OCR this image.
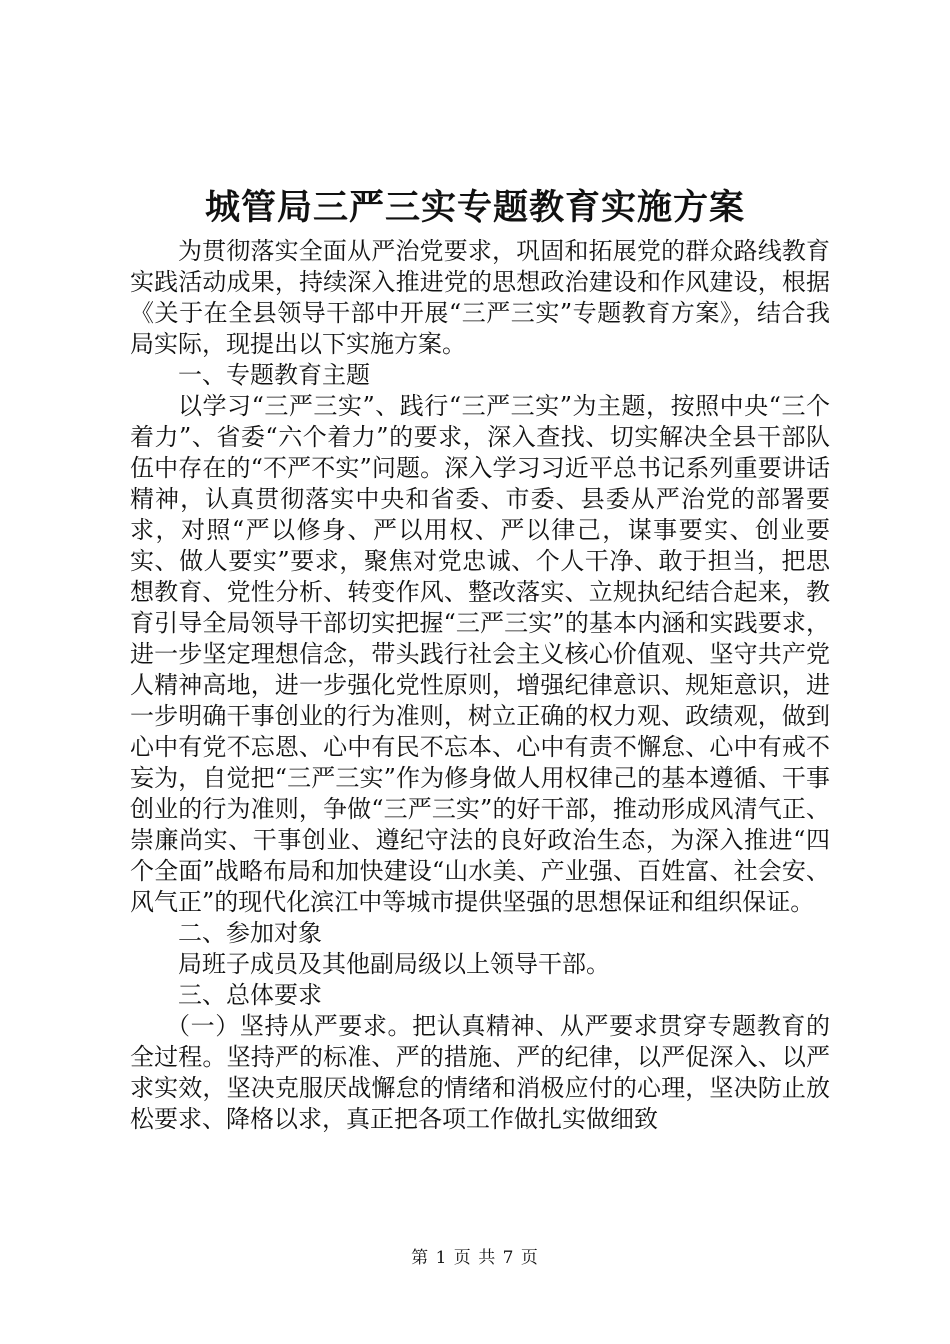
城管局三严三实专题教育实施方案

为贯彻落实全面从严治党要求，巩固和拓展党的群众路线教育实践活动成果，持续深入推进党的思想政治建设和作风建设，根据《关于在全县领导干部中开展“三严三实”专题教育方案》，结合我局实际，现提出以下实施方案。

一、专题教育主题

以学习“三严三实”、践行“三严三实”为主题，按照中央“三个着力”、省委“六个着力”的要求，深入查找、切实解决全县干部队伍中存在的“不严不实”问题。深入学习习近平总书记系列重要讲话精神，认真贯彻落实中央和省委、市委、县委从严治党的部署要求，对照“严以修身、严以用权、严以律己，谋事要实、创业要实、做人要实”要求，聚焦对党忠诚、个人干净、敢于担当，把思想教育、党性分析、转变作风、整改落实、立规执纪结合起来，教育引导全局领导干部切实把握“三严三实”的基本内涵和实践要求，进一步坚定理想信念，带头践行社会主义核心价值观、坚守共产党人精神高地，进一步强化党性原则，增强纪律意识、规矩意识，进一步明确干事创业的行为准则，树立正确的权力观、政绩观，做到心中有党不忘恩、心中有民不忘本、心中有责不懈怠、心中有戒不妄为，自觉把“三严三实”作为修身做人用权律己的基本遵循、干事创业的行为准则，争做“三严三实”的好干部，推动形成风清气正、崇廉尚实、干事创业、遵纪守法的良好政治生态，为深入推进“四个全面”战略布局和加快建设“山水美、产业强、百姓富、社会安、风气正”的现代化滨江中等城市提供坚强的思想保证和组织保证。

二、参加对象

局班子成员及其他副局级以上领导干部。

三、总体要求

（一）坚持从严要求。把认真精神、从严要求贯穿专题教育的全过程。坚持严的标准、严的措施、严的纪律，以严促深入、以严求实效，坚决克服厌战懈怠的情绪和消极应付的心理，坚决防止放松要求、降格以求，真正把各项工作做扎实做细致

第 1 页 共 7 页
